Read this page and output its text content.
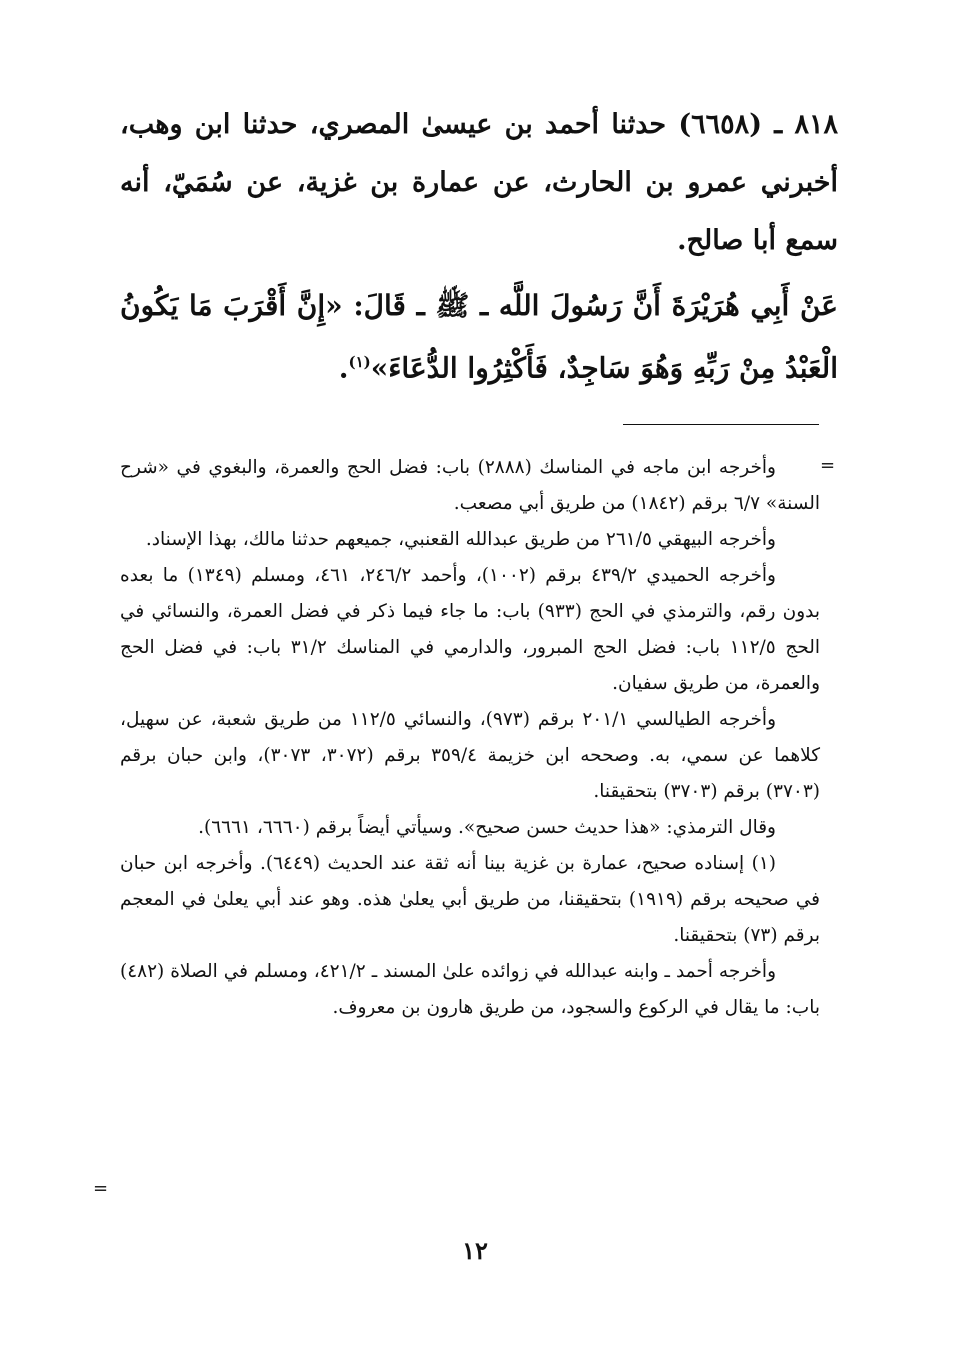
٨١٨ ـ (٦٦٥٨) حدثنا أحمد بن عيسىٰ المصري، حدثنا ابن وهب، أخبرني عمرو بن الحارث، عن عمارة بن غزية، عن سُمَيّ، أنه سمع أبا صالح.

عَنْ أَبِي هُرَيْرَةَ أَنَّ رَسُولَ اللَّه ـ ﷺ ـ قَالَ: «إِنَّ أَقْرَبَ مَا يَكُونُ الْعَبْدُ مِنْ رَبِّهِ وَهُوَ سَاجِدٌ، فَأَكْثِرُوا الدُّعَاءَ»$^{(١)}$.

=

وأخرجه ابن ماجه في المناسك (٢٨٨٨) باب: فضل الحج والعمرة، والبغوي في «شرح السنة» ٦/٧ برقم (١٨٤٢) من طريق أبي مصعب.

وأخرجه البيهقي ٢٦١/٥ من طريق عبدالله القعنبي، جميعهم حدثنا مالك، بهذا الإسناد.

وأخرجه الحميدي ٤٣٩/٢ برقم (١٠٠٢)، وأحمد ٢٤٦/٢، ٤٦١، ومسلم (١٣٤٩) ما بعده بدون رقم، والترمذي في الحج (٩٣٣) باب: ما جاء فيما ذكر في فضل العمرة، والنسائي في الحج ١١٢/٥ باب: فضل الحج المبرور، والدارمي في المناسك ٣١/٢ باب: في فضل الحج والعمرة، من طريق سفيان.

وأخرجه الطيالسي ٢٠١/١ برقم (٩٧٣)، والنسائي ١١٢/٥ من طريق شعبة، عن سهيل، كلاهما عن سمي، به. وصححه ابن خزيمة ٣٥٩/٤ برقم (٣٠٧٢، ٣٠٧٣)، وابن حبان برقم (٣٧٠٣) برقم (٣٧٠٣) بتحقيقنا.

وقال الترمذي: «هذا حديث حسن صحيح». وسيأتي أيضاً برقم (٦٦٦٠، ٦٦٦١).

(١) إسناده صحيح، عمارة بن غزية بينا أنه ثقة عند الحديث (٦٤٤٩). وأخرجه ابن حبان في صحيحه برقم (١٩١٩) بتحقيقنا، من طريق أبي يعلىٰ هذه. وهو عند أبي يعلىٰ في المعجم برقم (٧٣) بتحقيقنا.

وأخرجه أحمد ـ وابنه عبدالله في زوائده علىٰ المسند ـ ٤٢١/٢، ومسلم في الصلاة (٤٨٢) باب: ما يقال في الركوع والسجود، من طريق هارون بن معروف.

=
١٢
